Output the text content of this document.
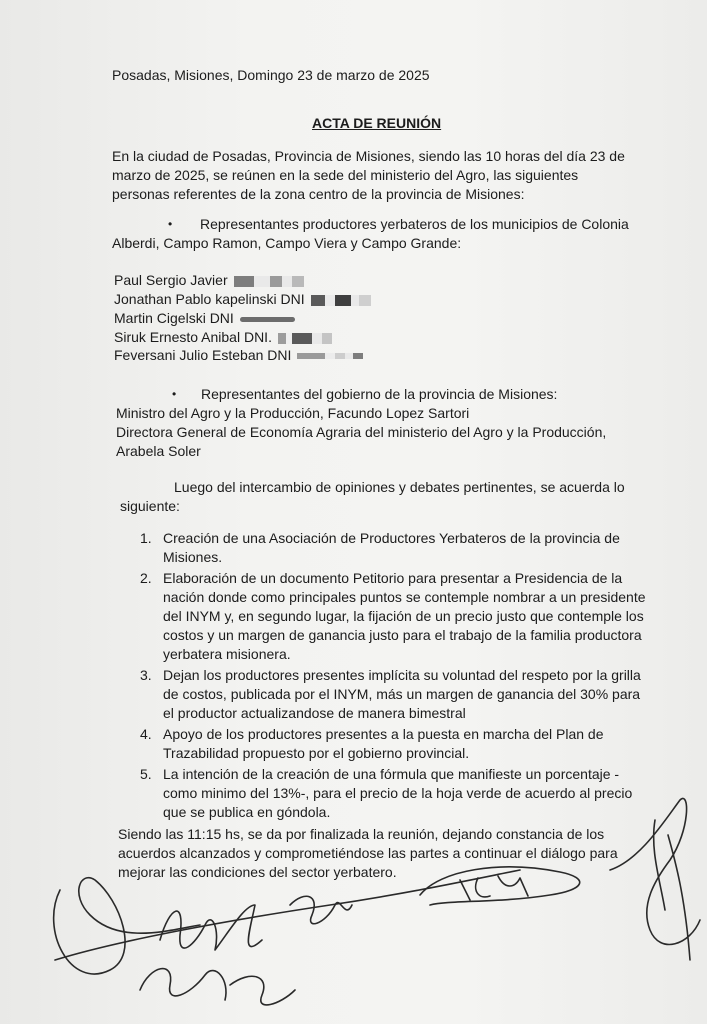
Posadas, Misiones, Domingo 23 de marzo de 2025
ACTA DE REUNIÓN
En la ciudad de Posadas, Provincia de Misiones, siendo las 10 horas del día 23 de
marzo de 2025, se reúnen en la sede del ministerio del Agro, las siguientes
personas referentes de la zona centro de la provincia de Misiones:
• Representantes productores yerbateros de los municipios de Colonia
Alberdi, Campo Ramon, Campo Viera y Campo Grande:
Paul Sergio Javier
Jonathan Pablo kapelinski DNI
Martin Cigelski DNI
Siruk Ernesto Anibal DNI.
Feversani Julio Esteban DNI
• Representantes del gobierno de la provincia de Misiones:
Ministro del Agro y la Producción, Facundo Lopez Sartori
Directora General de Economía Agraria del ministerio del Agro y la Producción,
Arabela Soler
Luego del intercambio de opiniones y debates pertinentes, se acuerda lo
siguiente:
1. Creación de una Asociación de Productores Yerbateros de la provincia de
Misiones.
2. Elaboración de un documento Petitorio para presentar a Presidencia de la
nación donde como principales puntos se contemple nombrar a un presidente
del INYM y, en segundo lugar, la fijación de un precio justo que contemple los
costos y un margen de ganancia justo para el trabajo de la familia productora
yerbatera misionera.
3. Dejan los productores presentes implícita su voluntad del respeto por la grilla
de costos, publicada por el INYM, más un margen de ganancia del 30% para
el productor actualizandose de manera bimestral
4. Apoyo de los productores presentes a la puesta en marcha del Plan de
Trazabilidad propuesto por el gobierno provincial.
5. La intención de la creación de una fórmula que manifieste un porcentaje -
como minimo del 13%-, para el precio de la hoja verde de acuerdo al precio
que se publica en góndola.
Siendo las 11:15 hs, se da por finalizada la reunión, dejando constancia de los
acuerdos alcanzados y comprometiéndose las partes a continuar el diálogo para
mejorar las condiciones del sector yerbatero.
